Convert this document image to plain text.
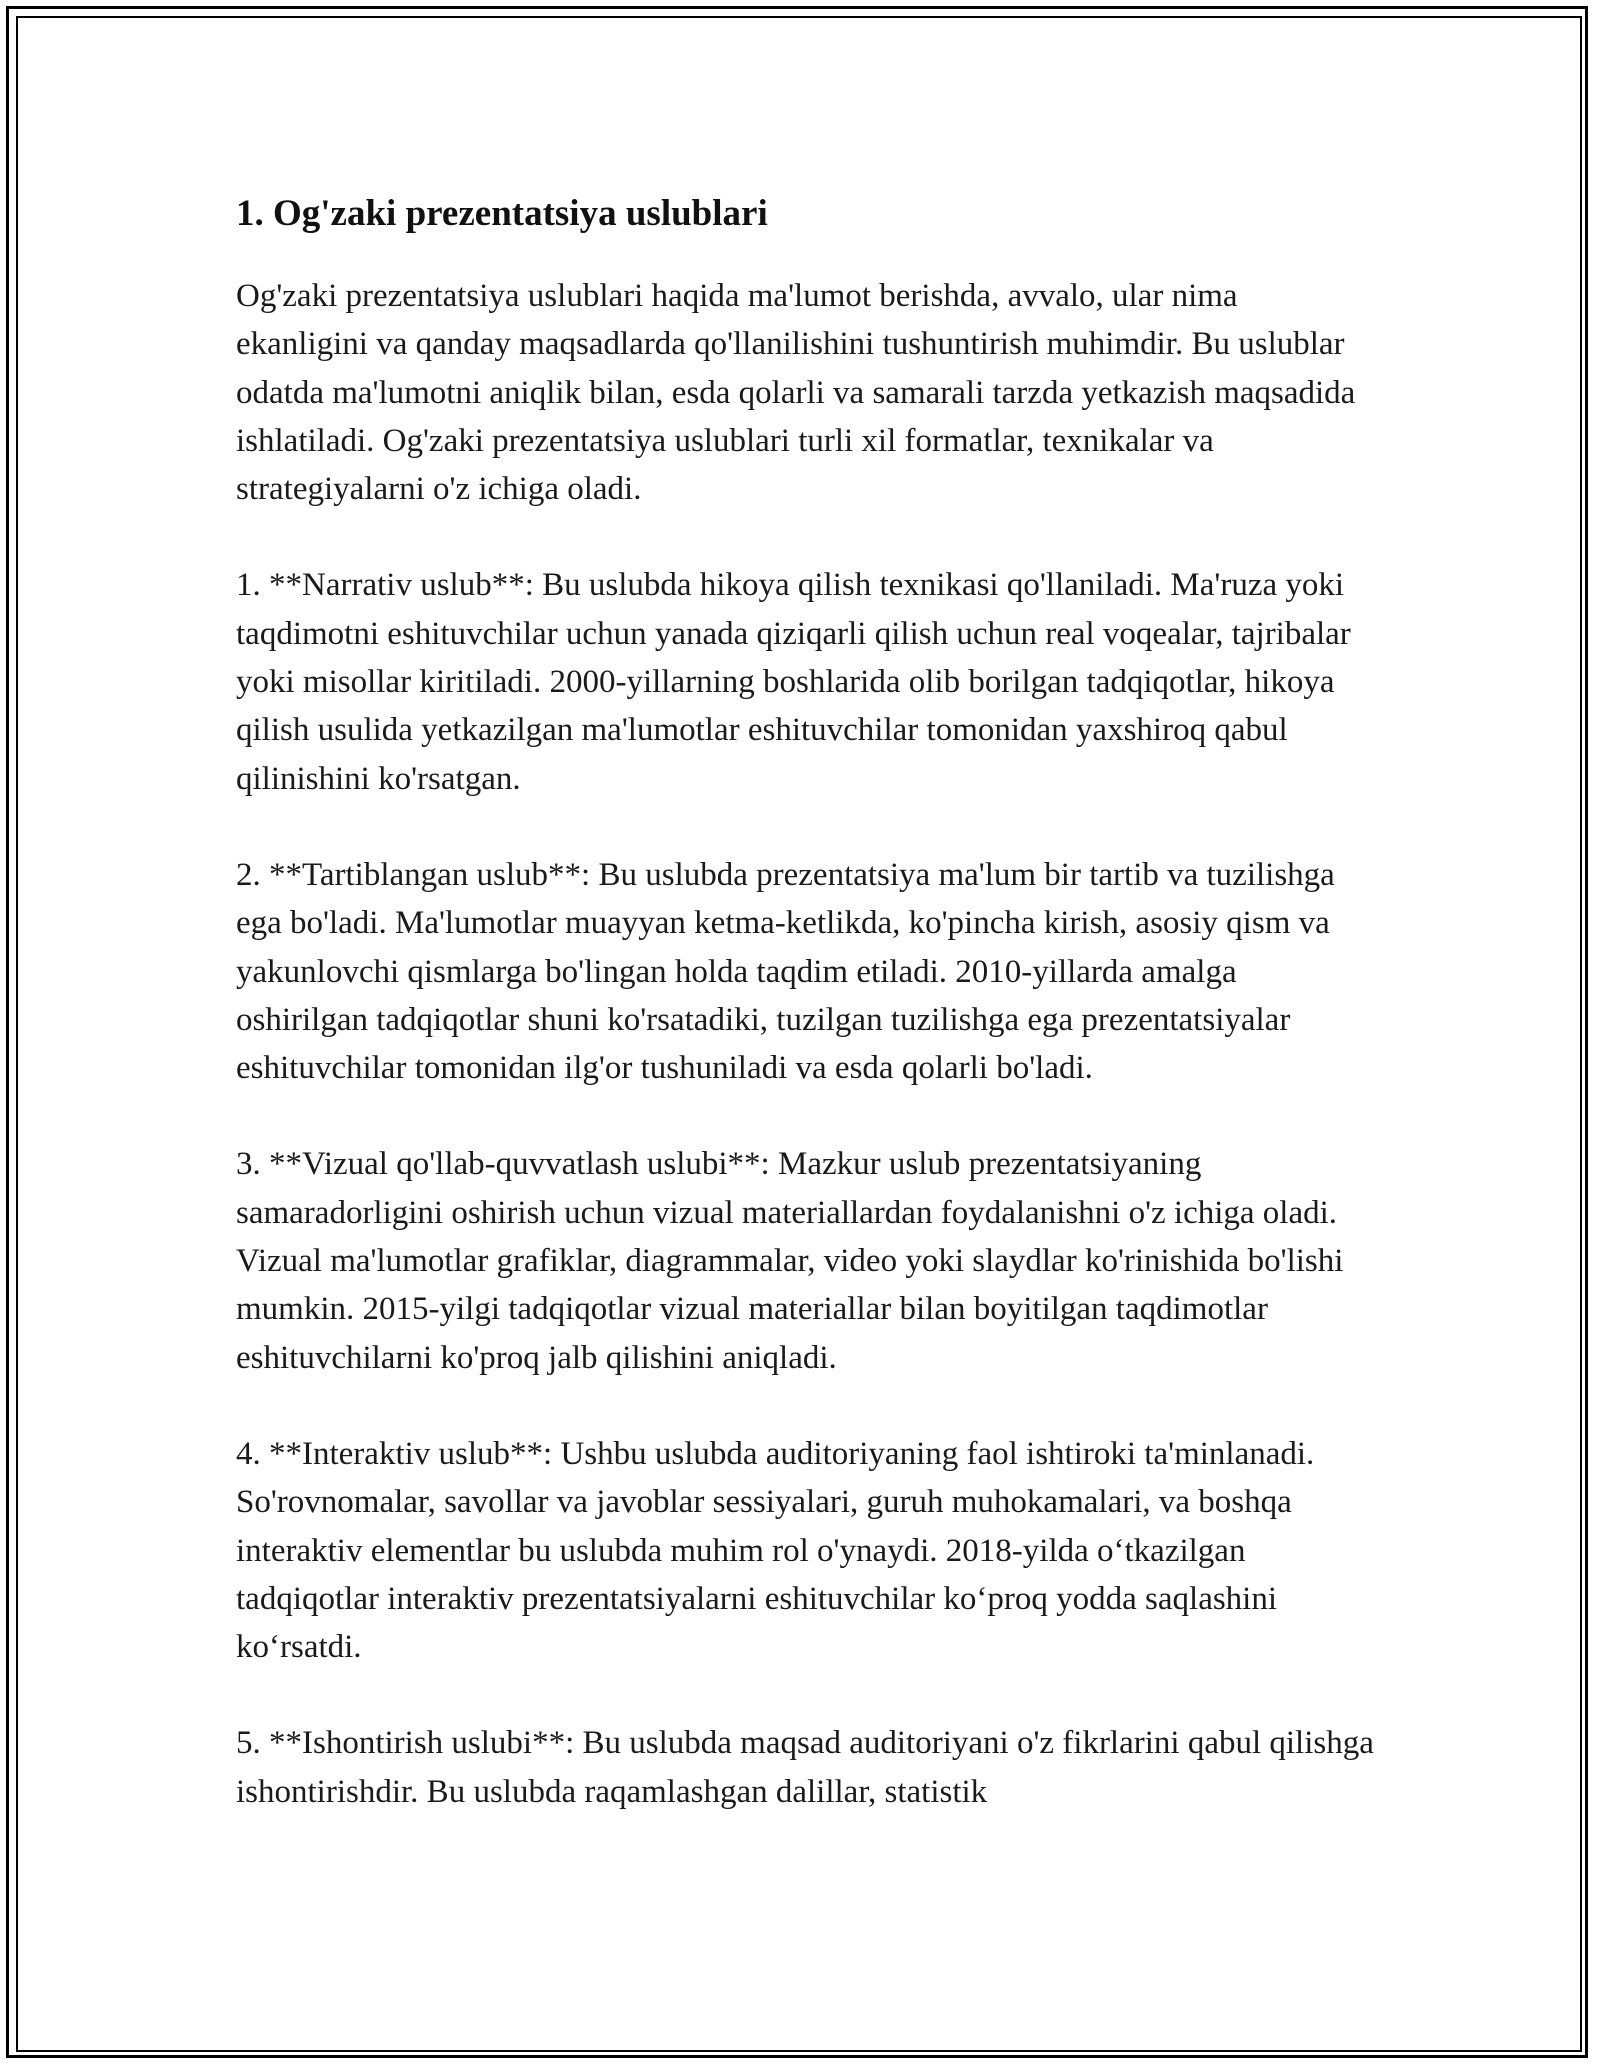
1. Og'zaki prezentatsiya uslublari

Og'zaki prezentatsiya uslublari haqida ma'lumot berishda, avvalo, ular nima ekanligini va qanday maqsadlarda qo'llanilishini tushuntirish muhimdir. Bu uslublar odatda ma'lumotni aniqlik bilan, esda qolarli va samarali tarzda yetkazish maqsadida ishlatiladi. Og'zaki prezentatsiya uslublari turli xil formatlar, texnikalar va strategiyalarni o'z ichiga oladi.

1. **Narrativ uslub**: Bu uslubda hikoya qilish texnikasi qo'llaniladi. Ma'ruza yoki taqdimotni eshituvchilar uchun yanada qiziqarli qilish uchun real voqealar, tajribalar yoki misollar kiritiladi. 2000-yillarning boshlarida olib borilgan tadqiqotlar, hikoya qilish usulida yetkazilgan ma'lumotlar eshituvchilar tomonidan yaxshiroq qabul qilinishini ko'rsatgan.

2. **Tartiblangan uslub**: Bu uslubda prezentatsiya ma'lum bir tartib va tuzilishga ega bo'ladi. Ma'lumotlar muayyan ketma-ketlikda, ko'pincha kirish, asosiy qism va yakunlovchi qismlarga bo'lingan holda taqdim etiladi. 2010-yillarda amalga oshirilgan tadqiqotlar shuni ko'rsatadiki, tuzilgan tuzilishga ega prezentatsiyalar eshituvchilar tomonidan ilg'or tushuniladi va esda qolarli bo'ladi.

3. **Vizual qo'llab-quvvatlash uslubi**: Mazkur uslub prezentatsiyaning samaradorligini oshirish uchun vizual materiallardan foydalanishni o'z ichiga oladi. Vizual ma'lumotlar grafiklar, diagrammalar, video yoki slaydlar ko'rinishida bo'lishi mumkin. 2015-yilgi tadqiqotlar vizual materiallar bilan boyitilgan taqdimotlar eshituvchilarni ko'proq jalb qilishini aniqladi.

4. **Interaktiv uslub**: Ushbu uslubda auditoriyaning faol ishtiroki ta'minlanadi. So'rovnomalar, savollar va javoblar sessiyalari, guruh muhokamalari, va boshqa interaktiv elementlar bu uslubda muhim rol o'ynaydi. 2018-yilda oʻtkazilgan tadqiqotlar interaktiv prezentatsiyalarni eshituvchilar koʻproq yodda saqlashini koʻrsatdi.

5. **Ishontirish uslubi**: Bu uslubda maqsad auditoriyani o'z fikrlarini qabul qilishga ishontirishdir. Bu uslubda raqamlashgan dalillar, statistik
